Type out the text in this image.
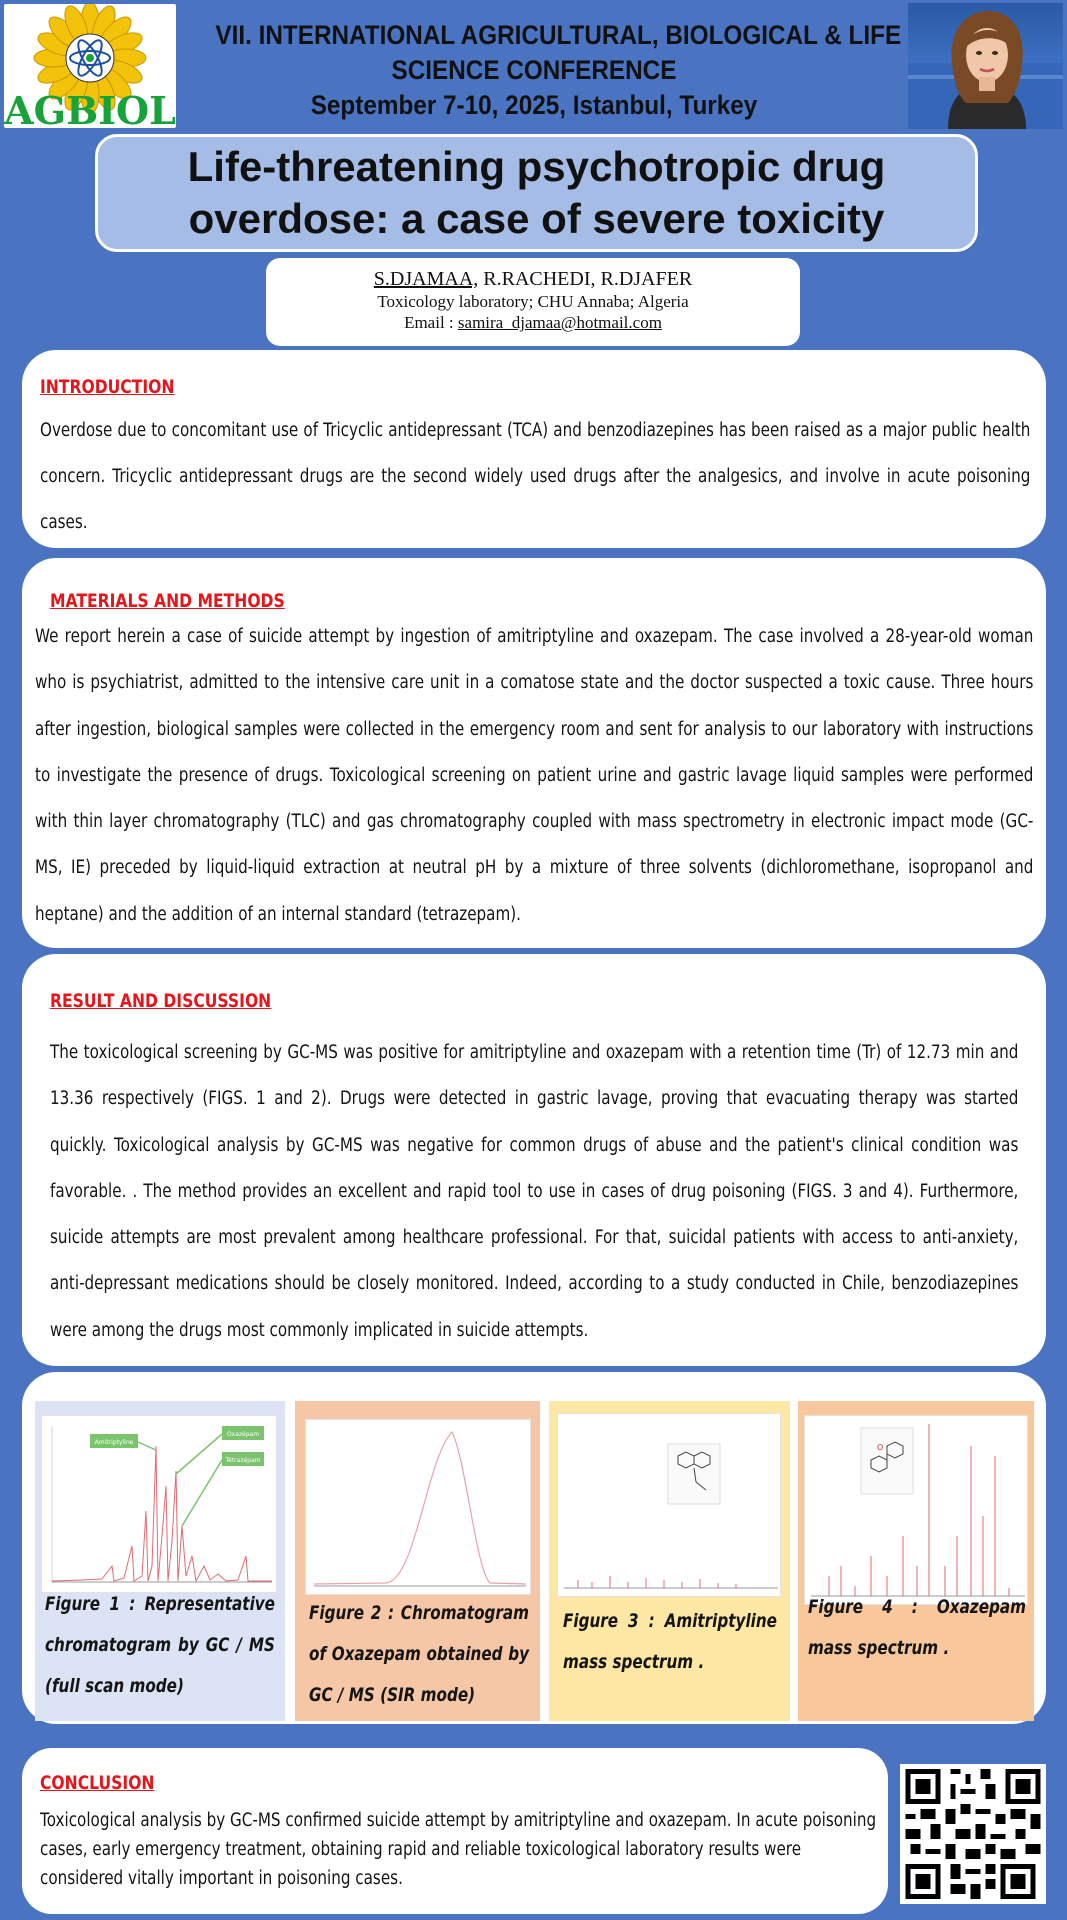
AGBIOL
VII. INTERNATIONAL AGRICULTURAL, BIOLOGICAL & LIFE
SCIENCE CONFERENCE
September 7-10, 2025, Istanbul, Turkey
Life-threatening psychotropic drug
overdose: a case of severe toxicity
S.DJAMAA, R.RACHEDI, R.DJAFER
Toxicology laboratory; CHU Annaba; Algeria
Email : samira_djamaa@hotmail.com
INTRODUCTION
Overdose due to concomitant use of Tricyclic antidepressant (TCA) and benzodiazepines has been raised as a major public health concern. Tricyclic antidepressant drugs are the second widely used drugs after the analgesics, and involve in acute poisoning cases.
MATERIALS AND METHODS
We report herein a case of suicide attempt by ingestion of amitriptyline and oxazepam. The case involved a 28-year-old woman who is psychiatrist, admitted to the intensive care unit in a comatose state and the doctor suspected a toxic cause. Three hours after ingestion, biological samples were collected in the emergency room and sent for analysis to our laboratory with instructions to investigate the presence of drugs. Toxicological screening on patient urine and gastric lavage liquid samples were performed with thin layer chromatography (TLC) and gas chromatography coupled with mass spectrometry in electronic impact mode (GC-MS, IE) preceded by liquid-liquid extraction at neutral pH by a mixture of three solvents (dichloromethane, isopropanol and heptane) and the addition of an internal standard (tetrazepam).
RESULT AND DISCUSSION
The toxicological screening by GC-MS was positive for amitriptyline and oxazepam with a retention time (Tr) of 12.73 min and 13.36 respectively (FIGS. 1 and 2). Drugs were detected in gastric lavage, proving that evacuating therapy was started quickly. Toxicological analysis by GC-MS was negative for common drugs of abuse and the patient's clinical condition was favorable. . The method provides an excellent and rapid tool to use in cases of drug poisoning (FIGS. 3 and 4). Furthermore, suicide attempts are most prevalent among healthcare professional. For that, suicidal patients with access to anti-anxiety, anti-depressant medications should be closely monitored. Indeed, according to a study conducted in Chile, benzodiazepines were among the drugs most commonly implicated in suicide attempts.
Amitriptyline
Oxazépam
Tétrazépam
Figure 1 : Representative chromatogram by GC / MS (full scan mode)
Figure 2 : Chromatogram of Oxazepam obtained by GC / MS (SIR mode)
Figure 3 : Amitriptyline mass spectrum .
O
Figure 4 : Oxazepam mass spectrum .
CONCLUSION
Toxicological analysis by GC-MS confirmed suicide attempt by amitriptyline and oxazepam. In acute poisoning cases, early emergency treatment, obtaining rapid and reliable toxicological laboratory results were considered vitally important in poisoning cases.
